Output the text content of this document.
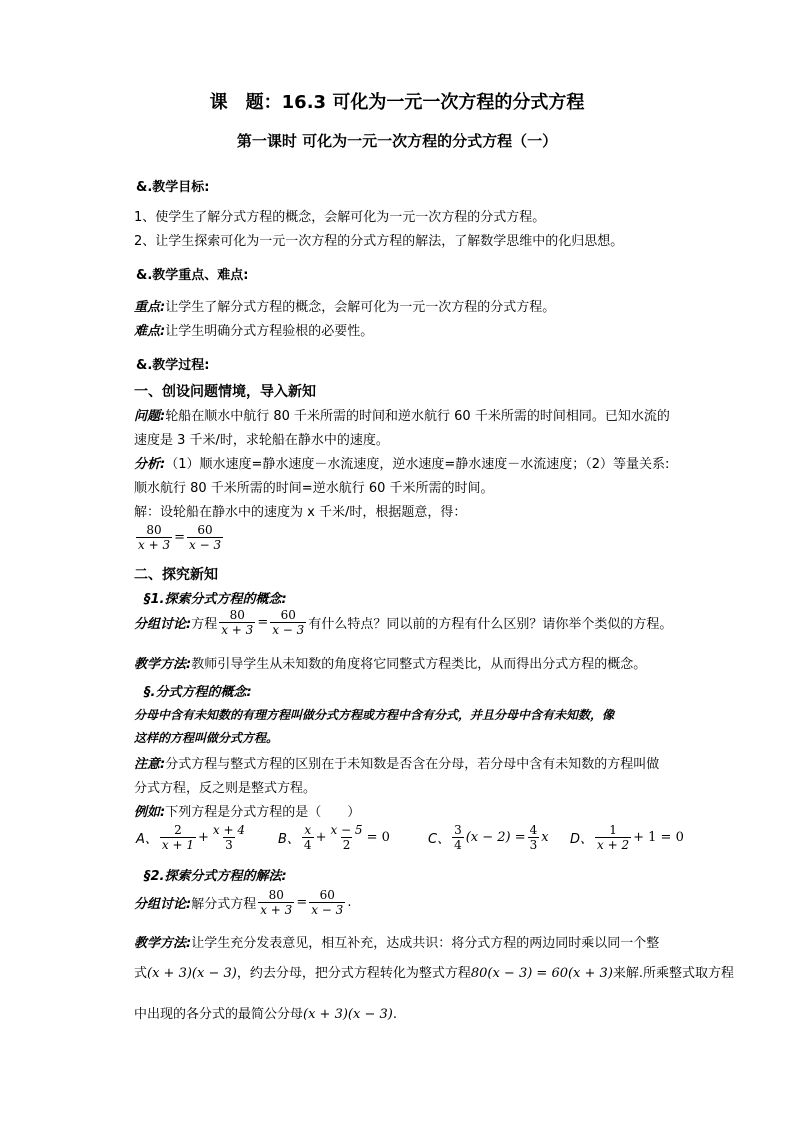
课　题：16.3 可化为一元一次方程的分式方程
第一课时 可化为一元一次方程的分式方程（一）
&.教学目标:
1、使学生了解分式方程的概念，会解可化为一元一次方程的分式方程。
2、让学生探索可化为一元一次方程的分式方程的解法，了解数学思维中的化归思想。
&.教学重点、难点:
重点:让学生了解分式方程的概念，会解可化为一元一次方程的分式方程。
难点:让学生明确分式方程验根的必要性。
&.教学过程:
一、创设问题情境，导入新知
问题:轮船在顺水中航行 80 千米所需的时间和逆水航行 60 千米所需的时间相同。已知水流的
速度是 3 千米/时，求轮船在静水中的速度。
分析:（1）顺水速度=静水速度－水流速度，逆水速度=静水速度－水流速度；（2）等量关系:
顺水航行 80 千米所需的时间=逆水航行 60 千米所需的时间。
解：设轮船在静水中的速度为 x 千米/时，根据题意，得：
$\frac{80}{x + 3} = \frac{60}{x - 3}$
二、探究新知
§1.探索分式方程的概念:
分组讨论: 方程 $\frac{80}{x + 3} = \frac{60}{x - 3}$ 有什么特点？同以前的方程有什么区别？请你举个类似的方程。
教学方法:教师引导学生从未知数的角度将它同整式方程类比，从而得出分式方程的概念。
§.分式方程的概念:
分母中含有未知数的有理方程叫做分式方程或方程中含有分式，并且分母中含有未知数，像
这样的方程叫做分式方程。
注意:分式方程与整式方程的区别在于未知数是否含在分母，若分母中含有未知数的方程叫做
分式方程，反之则是整式方程。
例如:下列方程是分式方程的是（　　）
A、 $\frac{2}{x + 1} + \frac{x + 4}{3}$ B、 $\frac{x}{4} + \frac{x - 5}{2} = 0$	C、 $\frac{3}{4} (x - 2) = \frac{4}{3}$ x D、 $\frac{1}{x + 2} + 1 = 0$
§2.探索分式方程的解法:
分组讨论: 解分式方程 $\frac{80}{x + 3} = \frac{60}{x - 3}$ .
教学方法:让学生充分发表意见，相互补充，达成共识：将分式方程的两边同时乘以同一个整
式(x + 3)(x − 3)，约去分母，把分式方程转化为整式方程80(x − 3) = 60(x + 3)来解.所乘整式取方程
中出现的各分式的最简公分母(x + 3)(x − 3).
